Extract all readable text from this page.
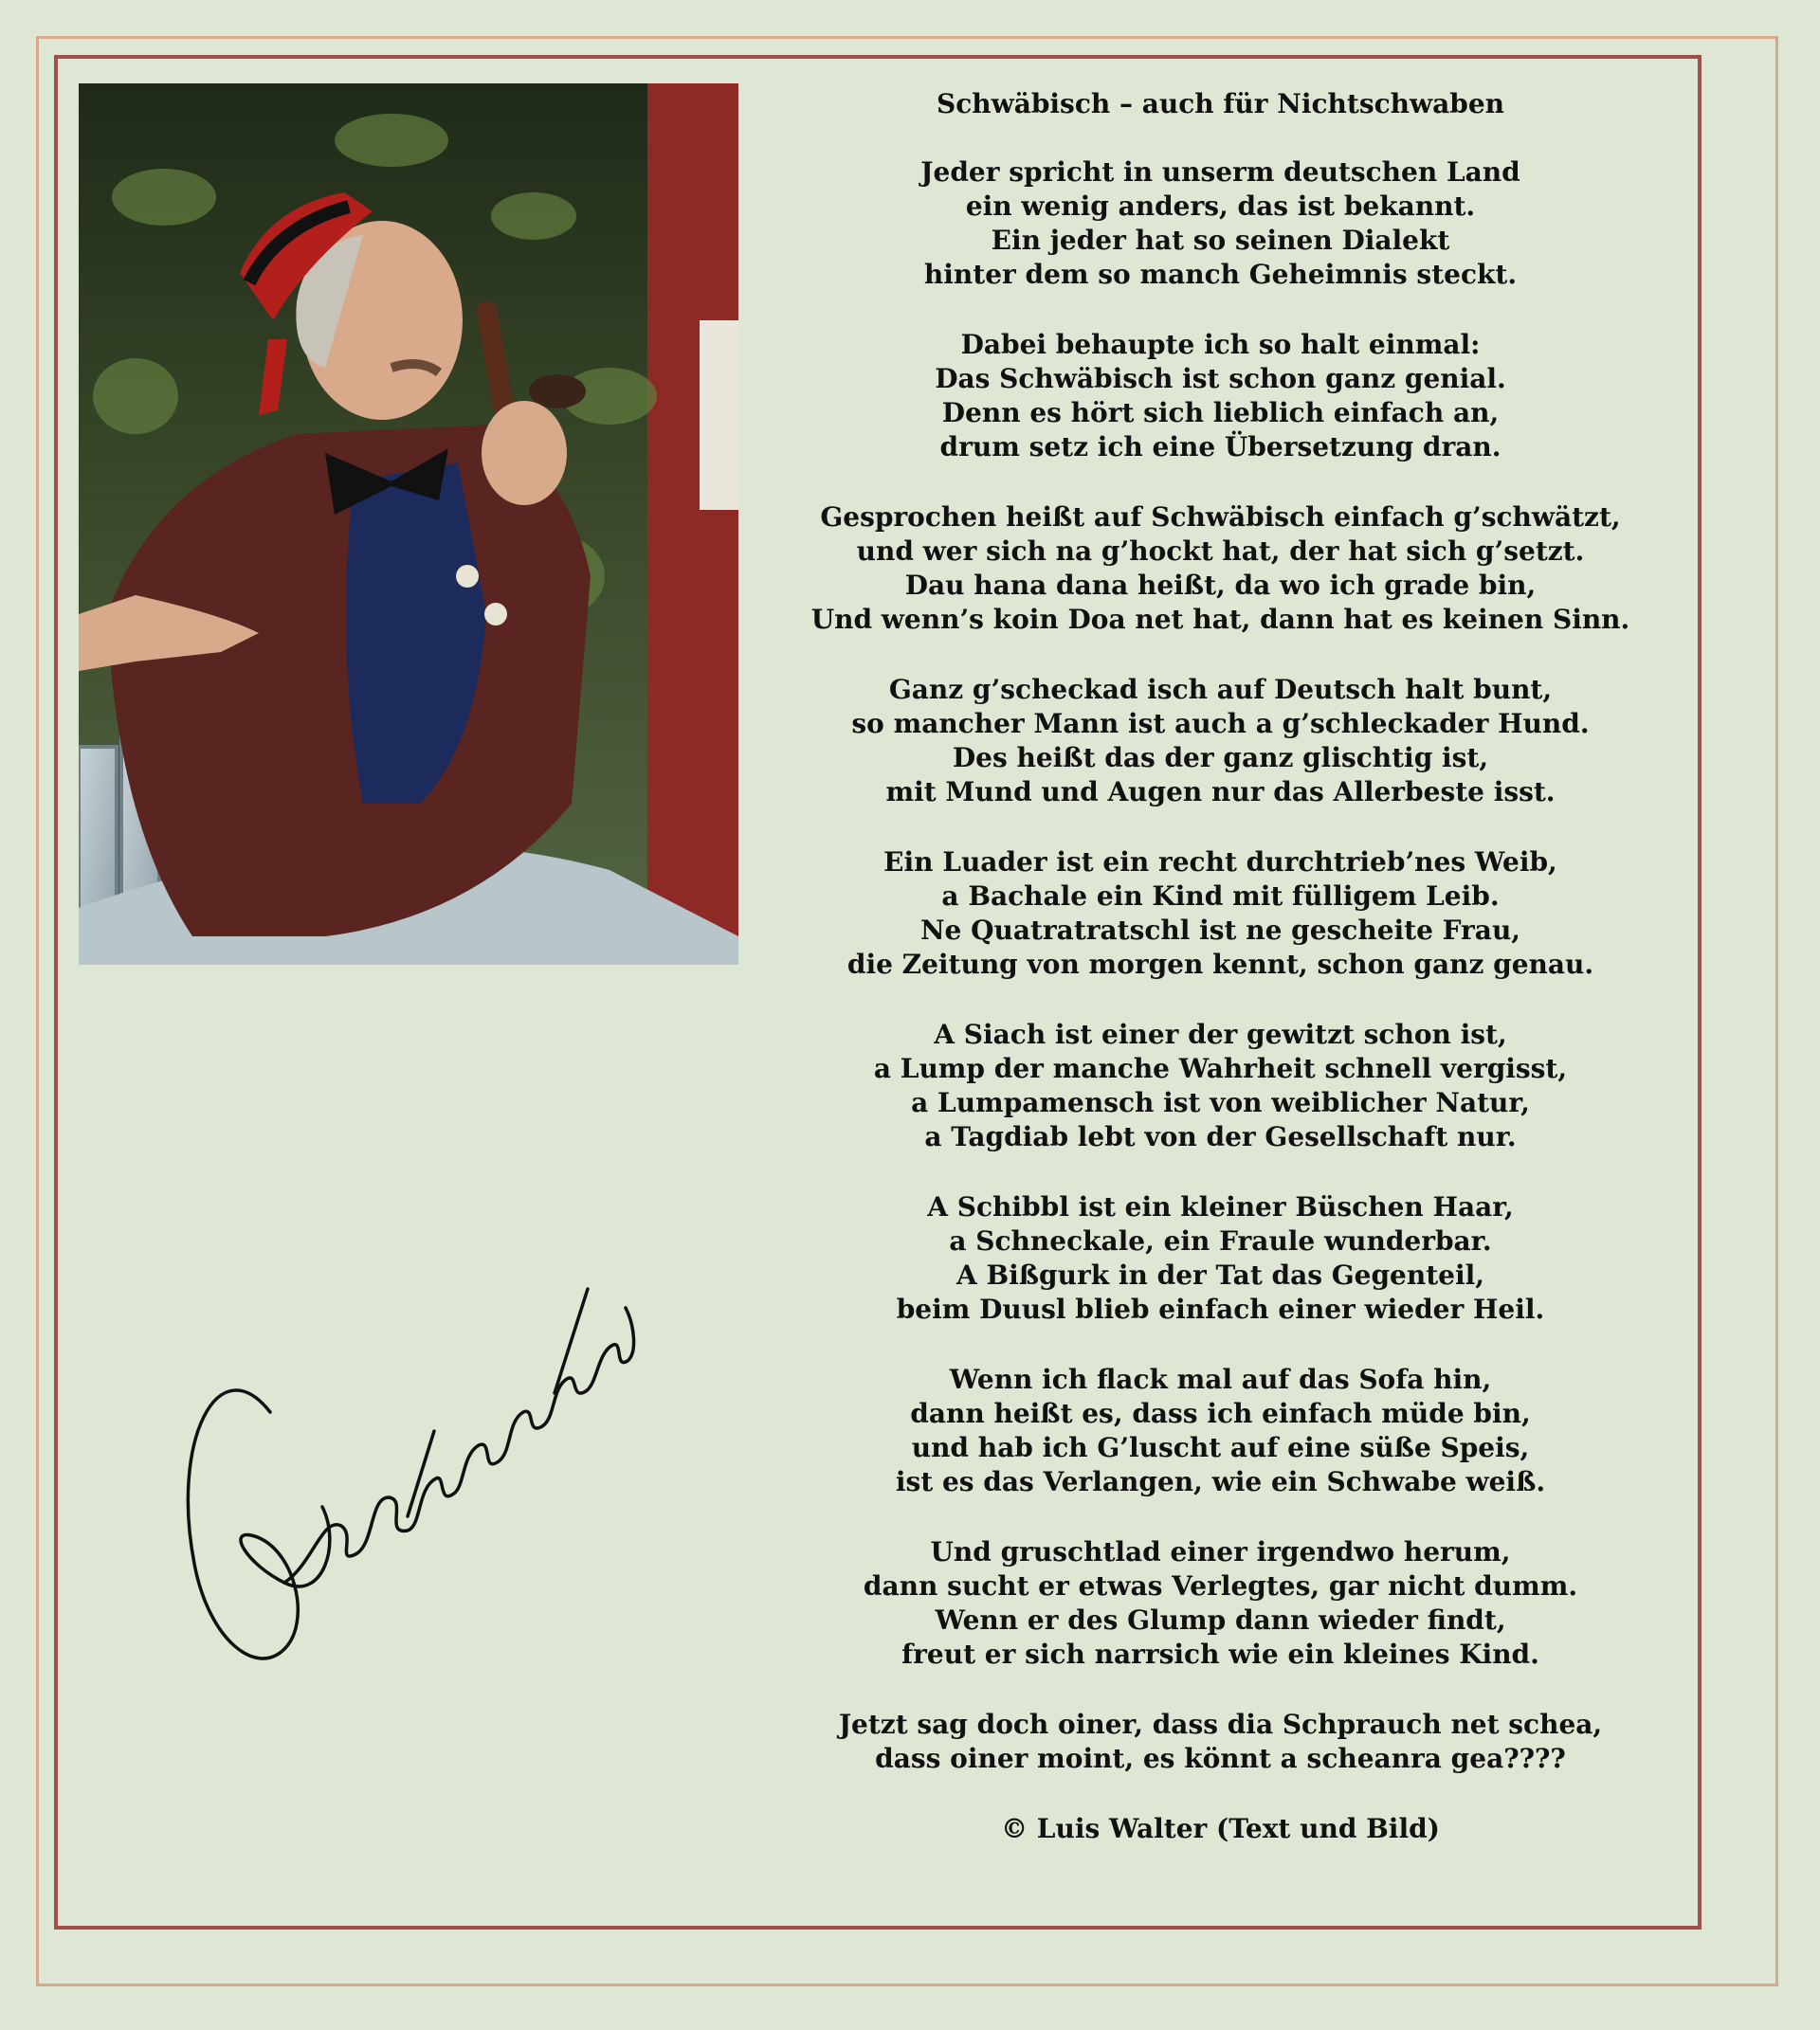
Schwäbisch – auch für Nichtschwaben
Jeder spricht in unserm deutschen Land
ein wenig anders, das ist bekannt.
Ein jeder hat so seinen Dialekt
hinter dem so manch Geheimnis steckt.
Dabei behaupte ich so halt einmal:
Das Schwäbisch ist schon ganz genial.
Denn es hört sich lieblich einfach an,
drum setz ich eine Übersetzung dran.
Gesprochen heißt auf Schwäbisch einfach g’schwätzt,
und wer sich na g’hockt hat, der hat sich g’setzt.
Dau hana dana heißt, da wo ich grade bin,
Und wenn’s koin Doa net hat, dann hat es keinen Sinn.
Ganz g’scheckad isch auf Deutsch halt bunt,
so mancher Mann ist auch a g’schleckader Hund.
Des heißt das der ganz glischtig ist,
mit Mund und Augen nur das Allerbeste isst.
Ein Luader ist ein recht durchtrieb’nes Weib,
a Bachale ein Kind mit fülligem Leib.
Ne Quatratratschl ist ne gescheite Frau,
die Zeitung von morgen kennt, schon ganz genau.
A Siach ist einer der gewitzt schon ist,
a Lump der manche Wahrheit schnell vergisst,
a Lumpamensch ist von weiblicher Natur,
a Tagdiab lebt von der Gesellschaft nur.
A Schibbl ist ein kleiner Büschen Haar,
a Schneckale, ein Fraule wunderbar.
A Bißgurk in der Tat das Gegenteil,
beim Duusl blieb einfach einer wieder Heil.
Wenn ich flack mal auf das Sofa hin,
dann heißt es, dass ich einfach müde bin,
und hab ich G’luscht auf eine süße Speis,
ist es das Verlangen, wie ein Schwabe weiß.
Und gruschtlad einer irgendwo herum,
dann sucht er etwas Verlegtes, gar nicht dumm.
Wenn er des Glump dann wieder findt,
freut er sich narrsich wie ein kleines Kind.
Jetzt sag doch oiner, dass dia Schprauch net schea,
dass oiner moint, es könnt a scheanra gea????
© Luis Walter (Text und Bild)
